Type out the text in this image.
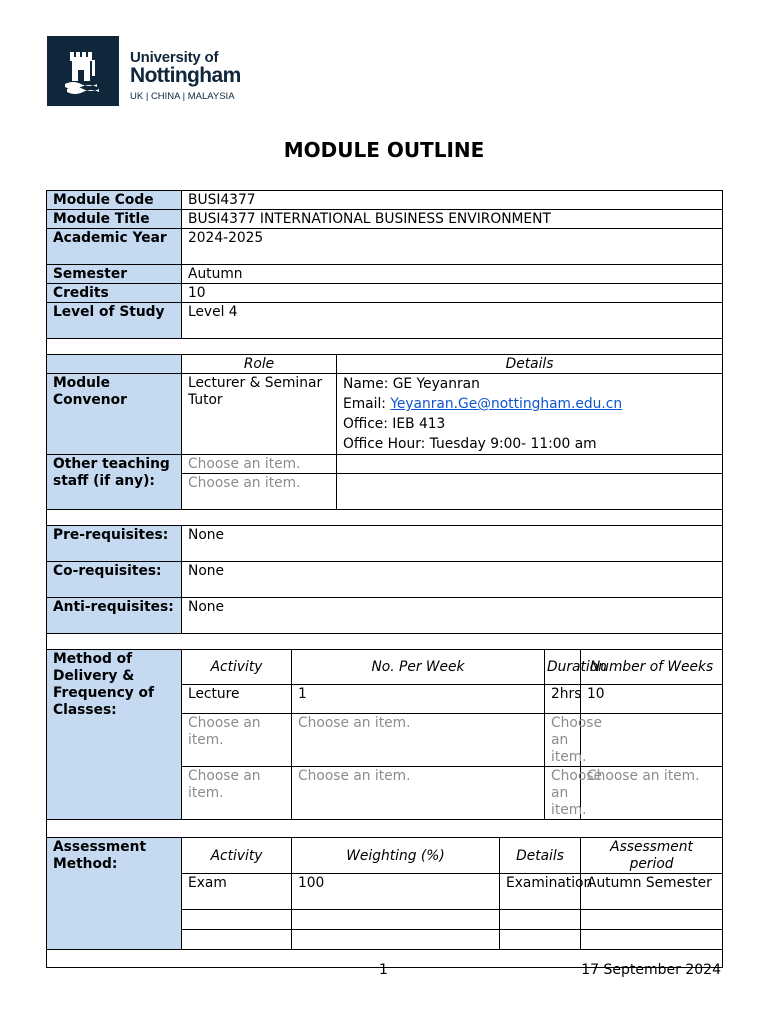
University of
Nottingham
UK | CHINA | MALAYSIA
MODULE OUTLINE
Module Code	BUSI4377					
Module Title	BUSI4377 INTERNATIONAL BUSINESS ENVIRONMENT					
Academic Year	2024-2025					
Semester	Autumn					
Credits	10					
Level of Study	Level 4					

	Role		Details			
Module Convenor	Lecturer & Seminar Tutor		Name: GE Yeyanran
Email: Yeyanran.Ge@nottingham.edu.cn
Office: IEB 413
Office Hour: Tuesday 9:00- 11:00 am			

Other teaching staff (if any):	Choose an item.					
	Choose an item.					

Pre-requisites:	None					
Co-requisites:	None					
Anti-requisites:	None					

Method of Delivery & Frequency of Classes:	Activity	No. Per Week			Duration	Number of Weeks
	Lecture	1			2hrs	10
	Choose an item.	Choose an item.			Choose an item.	
	Choose an item.	Choose an item.			Choose an item.	Choose an item.

Assessment Method:	Activity	Weighting (%)		Details		Assessment period
	Exam	100		Examination		Autumn Semester

1	17 September 2024
